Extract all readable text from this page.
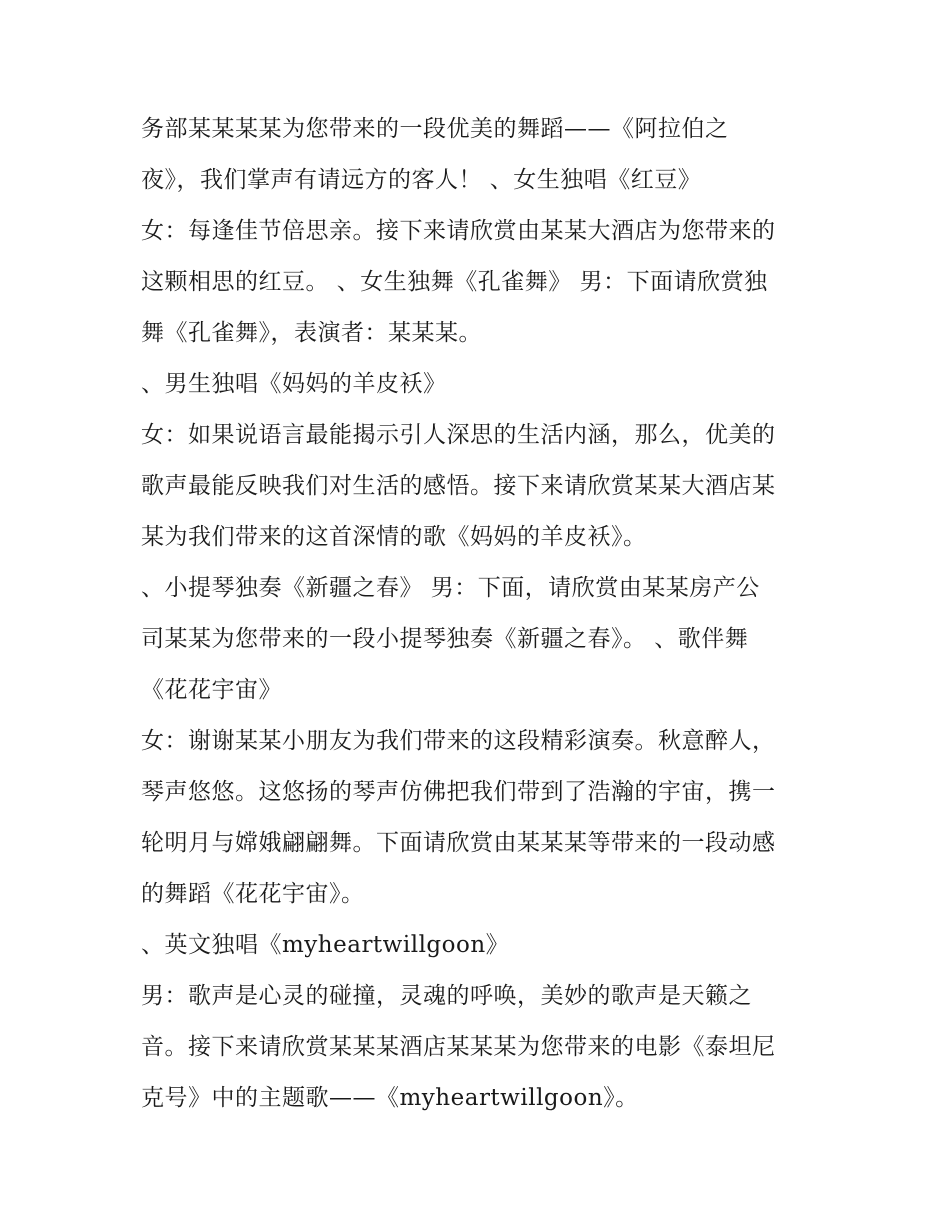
务部某某某某为您带来的一段优美的舞蹈——《阿拉伯之
夜》，我们掌声有请远方的客人！ 、女生独唱《红豆》
女：每逢佳节倍思亲。接下来请欣赏由某某大酒店为您带来的
这颗相思的红豆。 、女生独舞《孔雀舞》 男：下面请欣赏独
舞《孔雀舞》，表演者：某某某。
、男生独唱《妈妈的羊皮袄》
女：如果说语言最能揭示引人深思的生活内涵，那么，优美的
歌声最能反映我们对生活的感悟。接下来请欣赏某某大酒店某
某为我们带来的这首深情的歌《妈妈的羊皮袄》。
、小提琴独奏《新疆之春》 男：下面，请欣赏由某某房产公
司某某为您带来的一段小提琴独奏《新疆之春》。 、歌伴舞
《花花宇宙》
女：谢谢某某小朋友为我们带来的这段精彩演奏。秋意醉人，
琴声悠悠。这悠扬的琴声仿佛把我们带到了浩瀚的宇宙，携一
轮明月与嫦娥翩翩舞。下面请欣赏由某某某等带来的一段动感
的舞蹈《花花宇宙》。
、英文独唱《myheartwillgoon》
男：歌声是心灵的碰撞，灵魂的呼唤，美妙的歌声是天籁之
音。接下来请欣赏某某某酒店某某某为您带来的电影《泰坦尼
克号》中的主题歌——《myheartwillgoon》。
